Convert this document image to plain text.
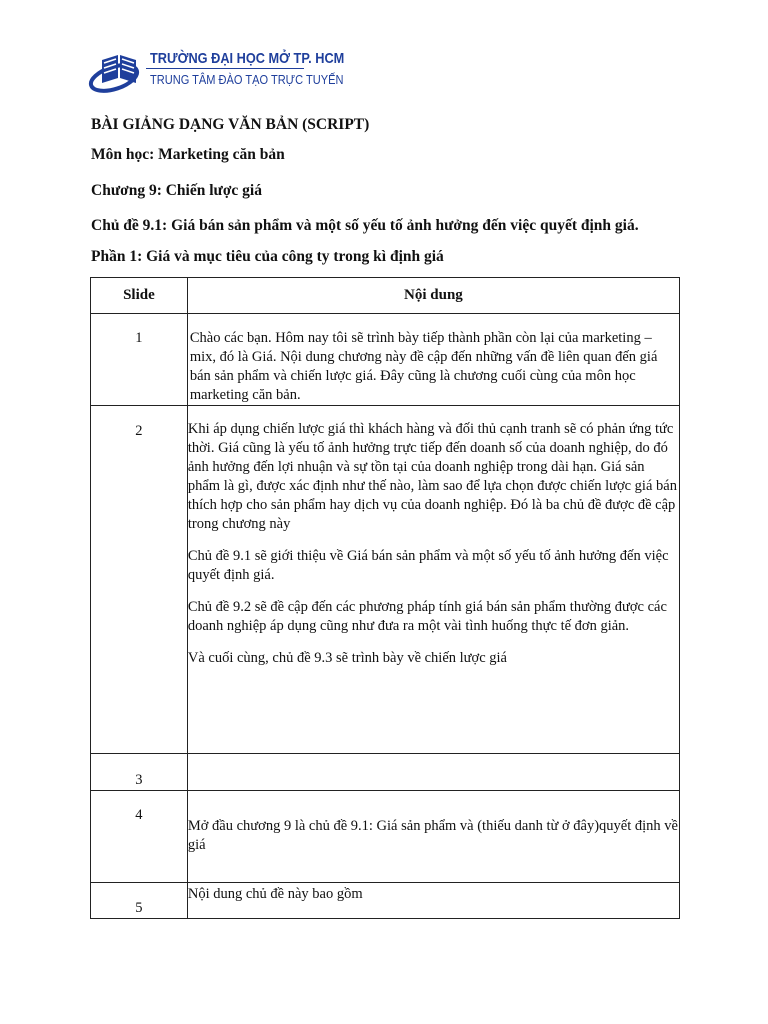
TRƯỜNG ĐẠI HỌC MỞ TP. HCM
TRUNG TÂM ĐÀO TẠO TRỰC TUYẾN
BÀI GIẢNG DẠNG VĂN BẢN (SCRIPT)
Môn học: Marketing căn bản
Chương 9: Chiến lược giá
Chủ đề 9.1: Giá bán sản phẩm và một số yếu tố ảnh hưởng đến việc quyết định giá.
Phần 1: Giá và mục tiêu của công ty trong kì định giá
Slide	Nội dung
1	Chào các bạn. Hôm nay tôi sẽ trình bày tiếp thành phần còn lại của marketing – mix, đó là Giá. Nội dung chương này đề cập đến những vấn đề liên quan đến giá bán sản phẩm và chiến lược giá. Đây cũng là chương cuối cùng của môn học marketing căn bản.

2	Khi áp dụng chiến lược giá thì khách hàng và đối thủ cạnh tranh sẽ có phản ứng tức thời. Giá cũng là yếu tố ảnh hưởng trực tiếp đến doanh số của doanh nghiệp, do đó ảnh hưởng đến lợi nhuận và sự tồn tại của doanh nghiệp trong dài hạn. Giá sản phẩm là gì, được xác định như thế nào, làm sao để lựa chọn được chiến lược giá bán thích hợp cho sản phẩm hay dịch vụ của doanh nghiệp. Đó là ba chủ đề được đề cập trong chương này

Chủ đề 9.1 sẽ giới thiệu về Giá bán sản phẩm và một số yếu tố ảnh hưởng đến việc quyết định giá.

Chủ đề 9.2 sẽ đề cập đến các phương pháp tính giá bán sản phẩm thường được các doanh nghiệp áp dụng cũng như đưa ra một vài tình huống thực tế đơn giản.

Và cuối cùng, chủ đề 9.3 sẽ trình bày về chiến lược giá

3	
4	Mở đầu chương 9 là chủ đề 9.1: Giá sản phẩm và (thiếu danh từ ở đây)quyết định về giá

5	Nội dung chủ đề này bao gồm
